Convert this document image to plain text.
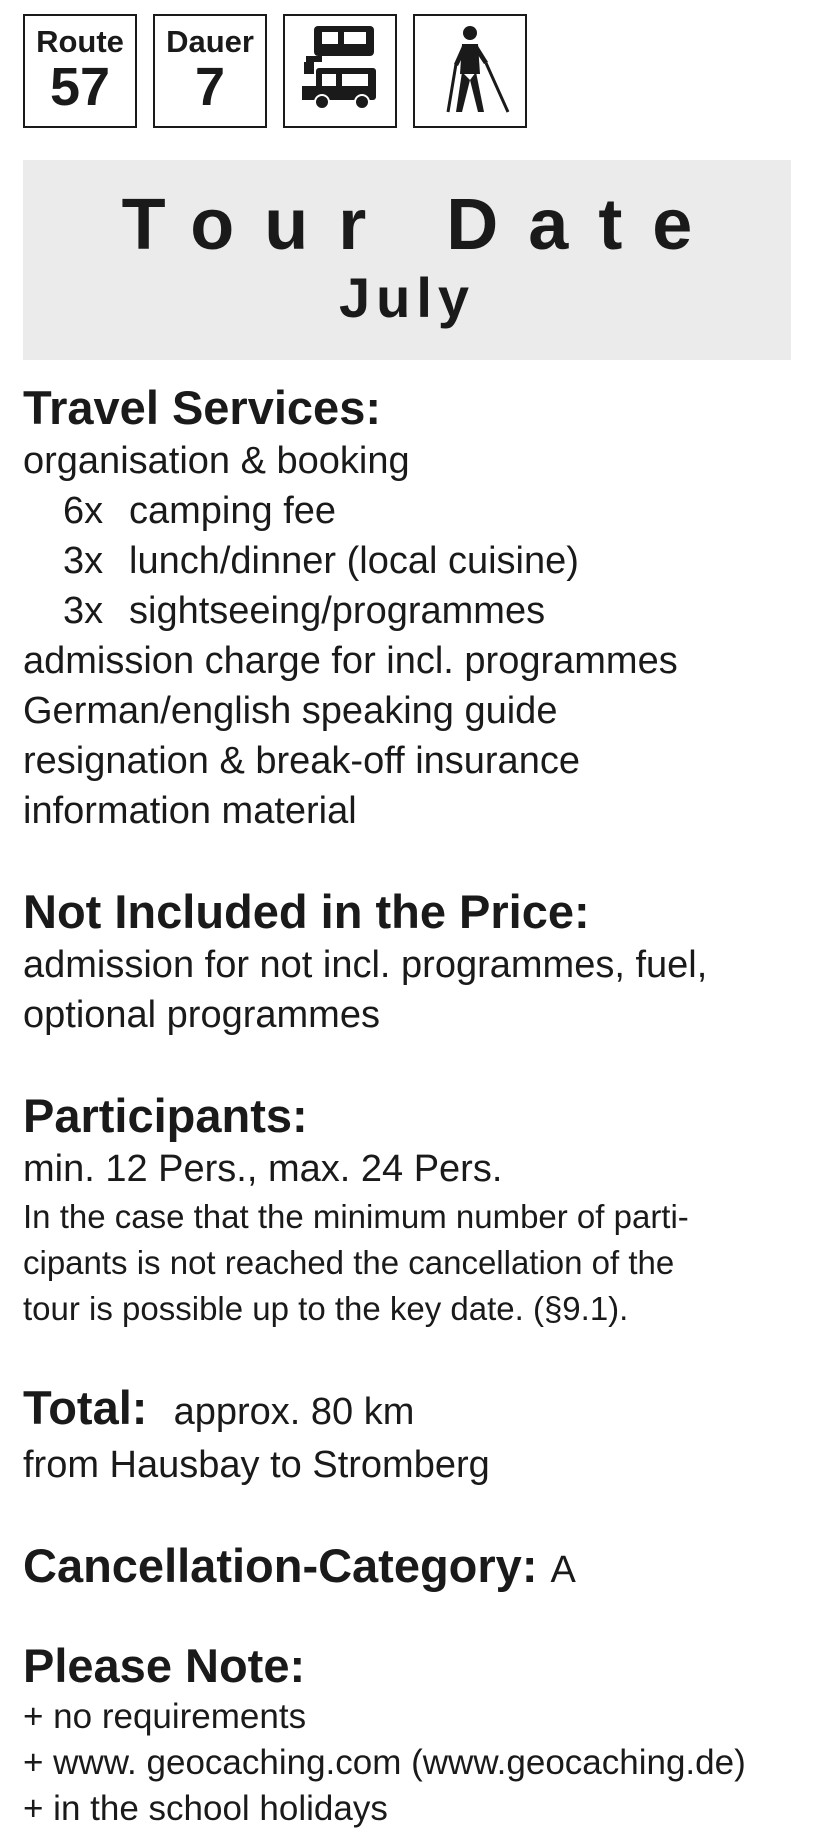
Route
57
Dauer
7
Tour Date
July
Travel Services:
organisation & booking
6x camping fee
3x lunch/dinner (local cuisine)
3x sightseeing/programmes
admission charge for incl. programmes
German/english speaking guide
resignation & break-off insurance
information material
Not Included in the Price:
admission for not incl. programmes, fuel,
optional programmes
Participants:
min. 12 Pers., max. 24 Pers.
In the case that the minimum number of parti-
cipants is not reached the cancellation of the
tour is possible up to the key date. (§9.1).
Total: approx. 80 km
from Hausbay to Stromberg
Cancellation-Category: A
Please Note:
+ no requirements
+ www. geocaching.com (www.geocaching.de)
+ in the school holidays
